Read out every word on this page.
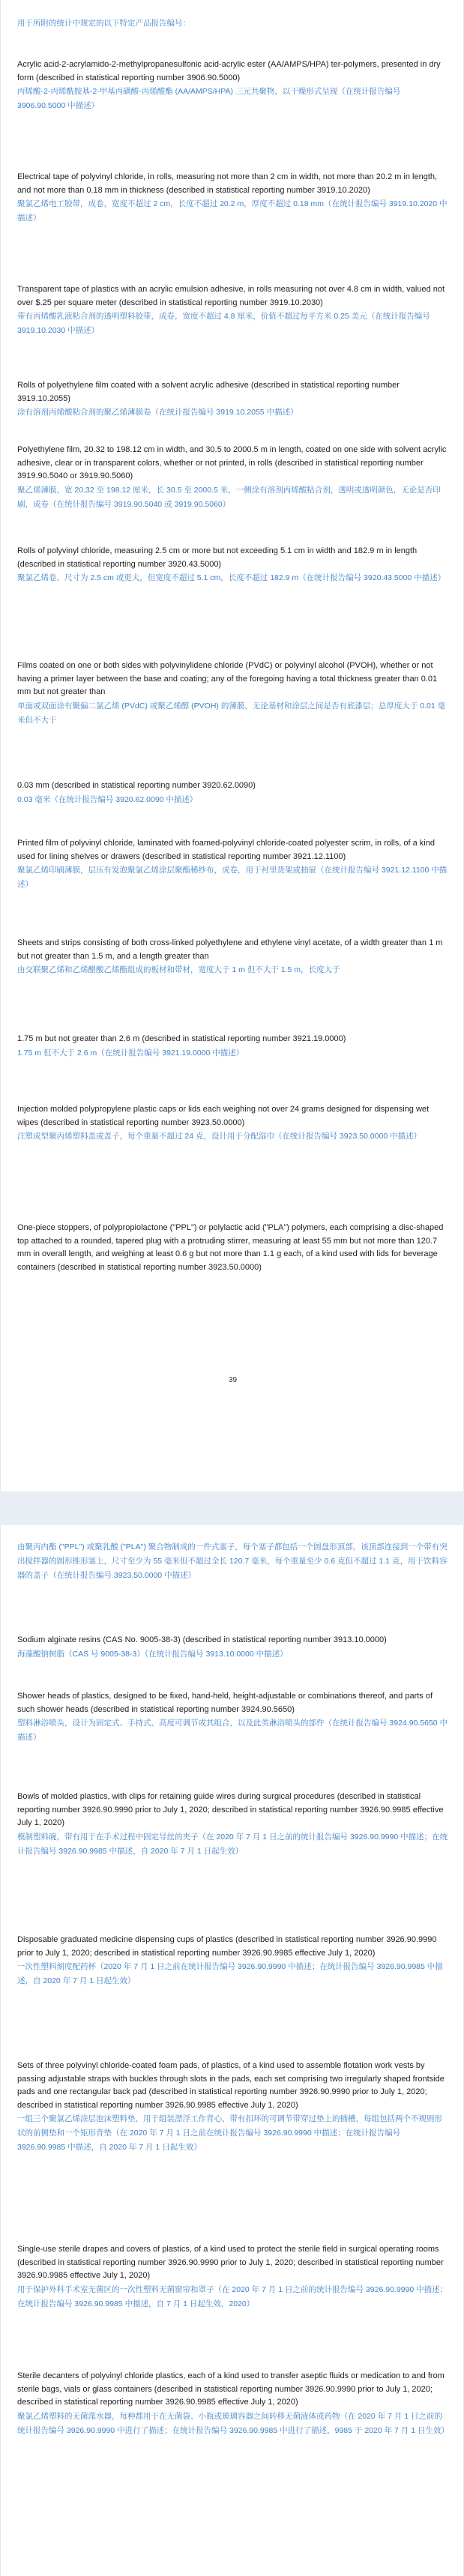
用于所附的统计中规定的以下特定产品报告编号：

Acrylic acid-2-acrylamido-2-methylpropanesulfonic acid-acrylic ester (AA/AMPS/HPA) ter-polymers, presented in dry form (described in statistical reporting number 3906.90.5000)

丙烯酸-2-丙烯酰胺基-2-甲基丙磺酸-丙烯酸酯 (AA/AMPS/HPA) 三元共聚物，以干燥形式呈现（在统计报告编号 3906.90.5000 中描述）

Electrical tape of polyvinyl chloride, in rolls, measuring not more than 2 cm in width, not more than 20.2 m in length, and not more than 0.18 mm in thickness (described in statistical reporting number 3919.10.2020)

聚氯乙烯电工胶带，成卷，宽度不超过 2 cm，长度不超过 20.2 m，厚度不超过 0.18 mm（在统计报告编号 3919.10.2020 中描述）

Transparent tape of plastics with an acrylic emulsion adhesive, in rolls measuring not over 4.8 cm in width, valued not over $.25 per square meter (described in statistical reporting number 3919.10.2030)

带有丙烯酸乳液粘合剂的透明塑料胶带，成卷，宽度不超过 4.8 厘米，价值不超过每平方米 0.25 美元（在统计报告编号 3919.10.2030 中描述）

Rolls of polyethylene film coated with a solvent acrylic adhesive (described in statistical reporting number 3919.10.2055)

涂有溶剂丙烯酸粘合剂的聚乙烯薄膜卷（在统计报告编号 3919.10.2055 中描述）

Polyethylene film, 20.32 to 198.12 cm in width, and 30.5 to 2000.5 m in length, coated on one side with solvent acrylic adhesive, clear or in transparent colors, whether or not printed, in rolls (described in statistical reporting number 3919.90.5040 or 3919.90.5060)

聚乙烯薄膜，宽 20.32 至 198.12 厘米，长 30.5 至 2000.5 米，一侧涂有溶剂丙烯酸粘合剂，透明或透明颜色，无论是否印刷，成卷（在统计报告编号 3919.90.5040 或 3919.90.5060）

Rolls of polyvinyl chloride, measuring 2.5 cm or more but not exceeding 5.1 cm in width and 182.9 m in length (described in statistical reporting number 3920.43.5000)

聚氯乙烯卷，尺寸为 2.5 cm 或更大，但宽度不超过 5.1 cm，长度不超过 182.9 m（在统计报告编号 3920.43.5000 中描述）

Films coated on one or both sides with polyvinylidene chloride (PVdC) or polyvinyl alcohol (PVOH), whether or not having a primer layer between the base and coating; any of the foregoing having a total thickness greater than 0.01 mm but not greater than

单面或双面涂有聚偏二氯乙烯 (PVdC) 或聚乙烯醇 (PVOH) 的薄膜，无论基材和涂层之间是否有底漆层；总厚度大于 0.01 毫米但不大于

0.03 mm (described in statistical reporting number 3920.62.0090)

0.03 毫米（在统计报告编号 3920.62.0090 中描述）

Printed film of polyvinyl chloride, laminated with foamed-polyvinyl chloride-coated polyester scrim, in rolls, of a kind used for lining shelves or drawers (described in statistical reporting number 3921.12.1100)

聚氯乙烯印刷薄膜，层压有发泡聚氯乙烯涂层聚酯稀纱布，成卷，用于衬里货架或抽屉（在统计报告编号 3921.12.1100 中描述）

Sheets and strips consisting of both cross-linked polyethylene and ethylene vinyl acetate, of a width greater than 1 m but not greater than 1.5 m, and a length greater than

由交联聚乙烯和乙烯醋酸乙烯酯组成的板材和带材，宽度大于 1 m 但不大于 1.5 m，长度大于

1.75 m but not greater than 2.6 m (described in statistical reporting number 3921.19.0000)

1.75 m 但不大于 2.6 m（在统计报告编号 3921.19.0000 中描述）

Injection molded polypropylene plastic caps or lids each weighing not over 24 grams designed for dispensing wet wipes (described in statistical reporting number 3923.50.0000)

注塑成型聚丙烯塑料盖或盖子，每个重量不超过 24 克，设计用于分配湿巾（在统计报告编号 3923.50.0000 中描述）

One-piece stoppers, of polypropiolactone ("PPL") or polylactic acid ("PLA") polymers, each comprising a disc-shaped top attached to a rounded, tapered plug with a protruding stirrer, measuring at least 55 mm but not more than 120.7 mm in overall length, and weighing at least 0.6 g but not more than 1.1 g each, of a kind used with lids for beverage containers (described in statistical reporting number 3923.50.0000)

39

由聚丙内酯 ("PPL") 或聚乳酸 ("PLA") 聚合物制成的一件式塞子，每个塞子都包括一个圆盘形顶部，该顶部连接到一个带有突出搅拌器的圆形锥形塞上，尺寸至少为 55 毫米但不超过全长 120.7 毫米，每个重量至少 0.6 克但不超过 1.1 克，用于饮料容器的盖子（在统计报告编号 3923.50.0000 中描述）

Sodium alginate resins (CAS No. 9005-38-3) (described in statistical reporting number 3913.10.0000)

海藻酸钠树脂（CAS 号 9005-38-3）（在统计报告编号 3913.10.0000 中描述）

Shower heads of plastics, designed to be fixed, hand-held, height-adjustable or combinations thereof, and parts of such shower heads (described in statistical reporting number 3924.90.5650)

塑料淋浴喷头，设计为固定式、手持式、高度可调节或其组合，以及此类淋浴喷头的部件（在统计报告编号 3924.90.5650 中描述）

Bowls of molded plastics, with clips for retaining guide wires during surgical procedures (described in statistical reporting number 3926.90.9990 prior to July 1, 2020; described in statistical reporting number 3926.90.9985 effective July 1, 2020)

模制塑料碗，带有用于在手术过程中固定导丝的夹子（在 2020 年 7 月 1 日之前的统计报告编号 3926.90.9990 中描述；在统计报告编号 3926.90.9985 中描述，自 2020 年 7 月 1 日起生效）

Disposable graduated medicine dispensing cups of plastics (described in statistical reporting number 3926.90.9990 prior to July 1, 2020; described in statistical reporting number 3926.90.9985 effective July 1, 2020)

一次性塑料刻度配药杯（2020 年 7 月 1 日之前在统计报告编号 3926.90.9990 中描述；在统计报告编号 3926.90.9985 中描述，自 2020 年 7 月 1 日起生效）

Sets of three polyvinyl chloride-coated foam pads, of plastics, of a kind used to assemble flotation work vests by passing adjustable straps with buckles through slots in the pads, each set comprising two irregularly shaped frontside pads and one rectangular back pad (described in statistical reporting number 3926.90.9990 prior to July 1, 2020; described in statistical reporting number 3926.90.9985 effective July 1, 2020)

一组三个聚氯乙烯涂层泡沫塑料垫，用于组装漂浮工作背心，带有扣环的可调节带穿过垫上的插槽，每组包括两个不规则形状的前侧垫和一个矩形背垫（在 2020 年 7 月 1 日之前在统计报告编号 3926.90.9990 中描述；在统计报告编号 3926.90.9985 中描述，自 2020 年 7 月 1 日起生效）

Single-use sterile drapes and covers of plastics, of a kind used to protect the sterile field in surgical operating rooms (described in statistical reporting number 3926.90.9990 prior to July 1, 2020; described in statistical reporting number 3926.90.9985 effective July 1, 2020)

用于保护外科手术室无菌区的一次性塑料无菌窗帘和罩子（在 2020 年 7 月 1 日之前的统计报告编号 3926.90.9990 中描述；在统计报告编号 3926.90.9985 中描述，自 7 月 1 日起生效，2020）

Sterile decanters of polyvinyl chloride plastics, each of a kind used to transfer aseptic fluids or medication to and from sterile bags, vials or glass containers (described in statistical reporting number 3926.90.9990 prior to July 1, 2020; described in statistical reporting number 3926.90.9985 effective July 1, 2020)

聚氯乙烯塑料的无菌滗水器，每种都用于在无菌袋、小瓶或玻璃容器之间转移无菌液体或药物（在 2020 年 7 月 1 日之前的统计报告编号 3926.90.9990 中进行了描述；在统计报告编号 3926.90.9985 中进行了描述，9985 于 2020 年 7 月 1 日生效）
